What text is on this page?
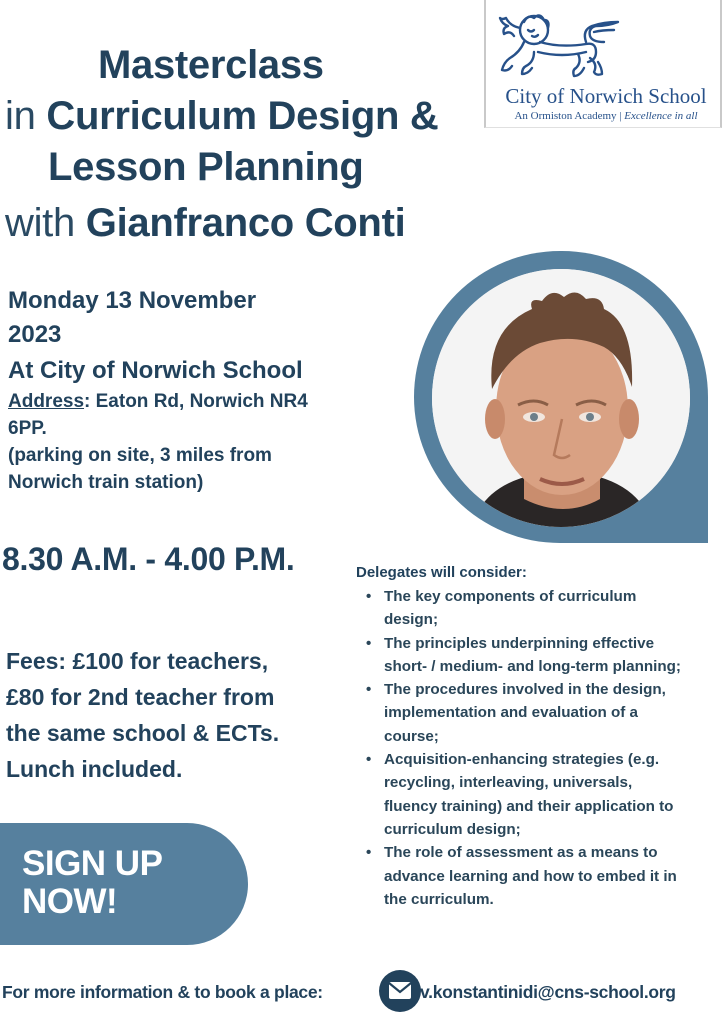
City of Norwich School
An Ormiston Academy | Excellence in all
Masterclass
in Curriculum Design &
Lesson Planning
with Gianfranco Conti
Monday 13 November
2023
At City of Norwich School
Address: Eaton Rd, Norwich NR4
6PP.
(parking on site, 3 miles from
Norwich train station)
8.30 A.M. - 4.00 P.M.
Fees: £100 for teachers,
£80 for 2nd teacher from
the same school & ECTs.
Lunch included.
Delegates will consider:
• The key components of curriculum design;
• The principles underpinning effective short- / medium- and long-term planning;
• The procedures involved in the design, implementation and evaluation of a course;
• Acquisition-enhancing strategies (e.g. recycling, interleaving, universals, fluency training) and their application to curriculum design;
• The role of assessment as a means to advance learning and how to embed it in the curriculum.
SIGN UP
NOW!
For more information & to book a place:	v.konstantinidi@cns-school.org
